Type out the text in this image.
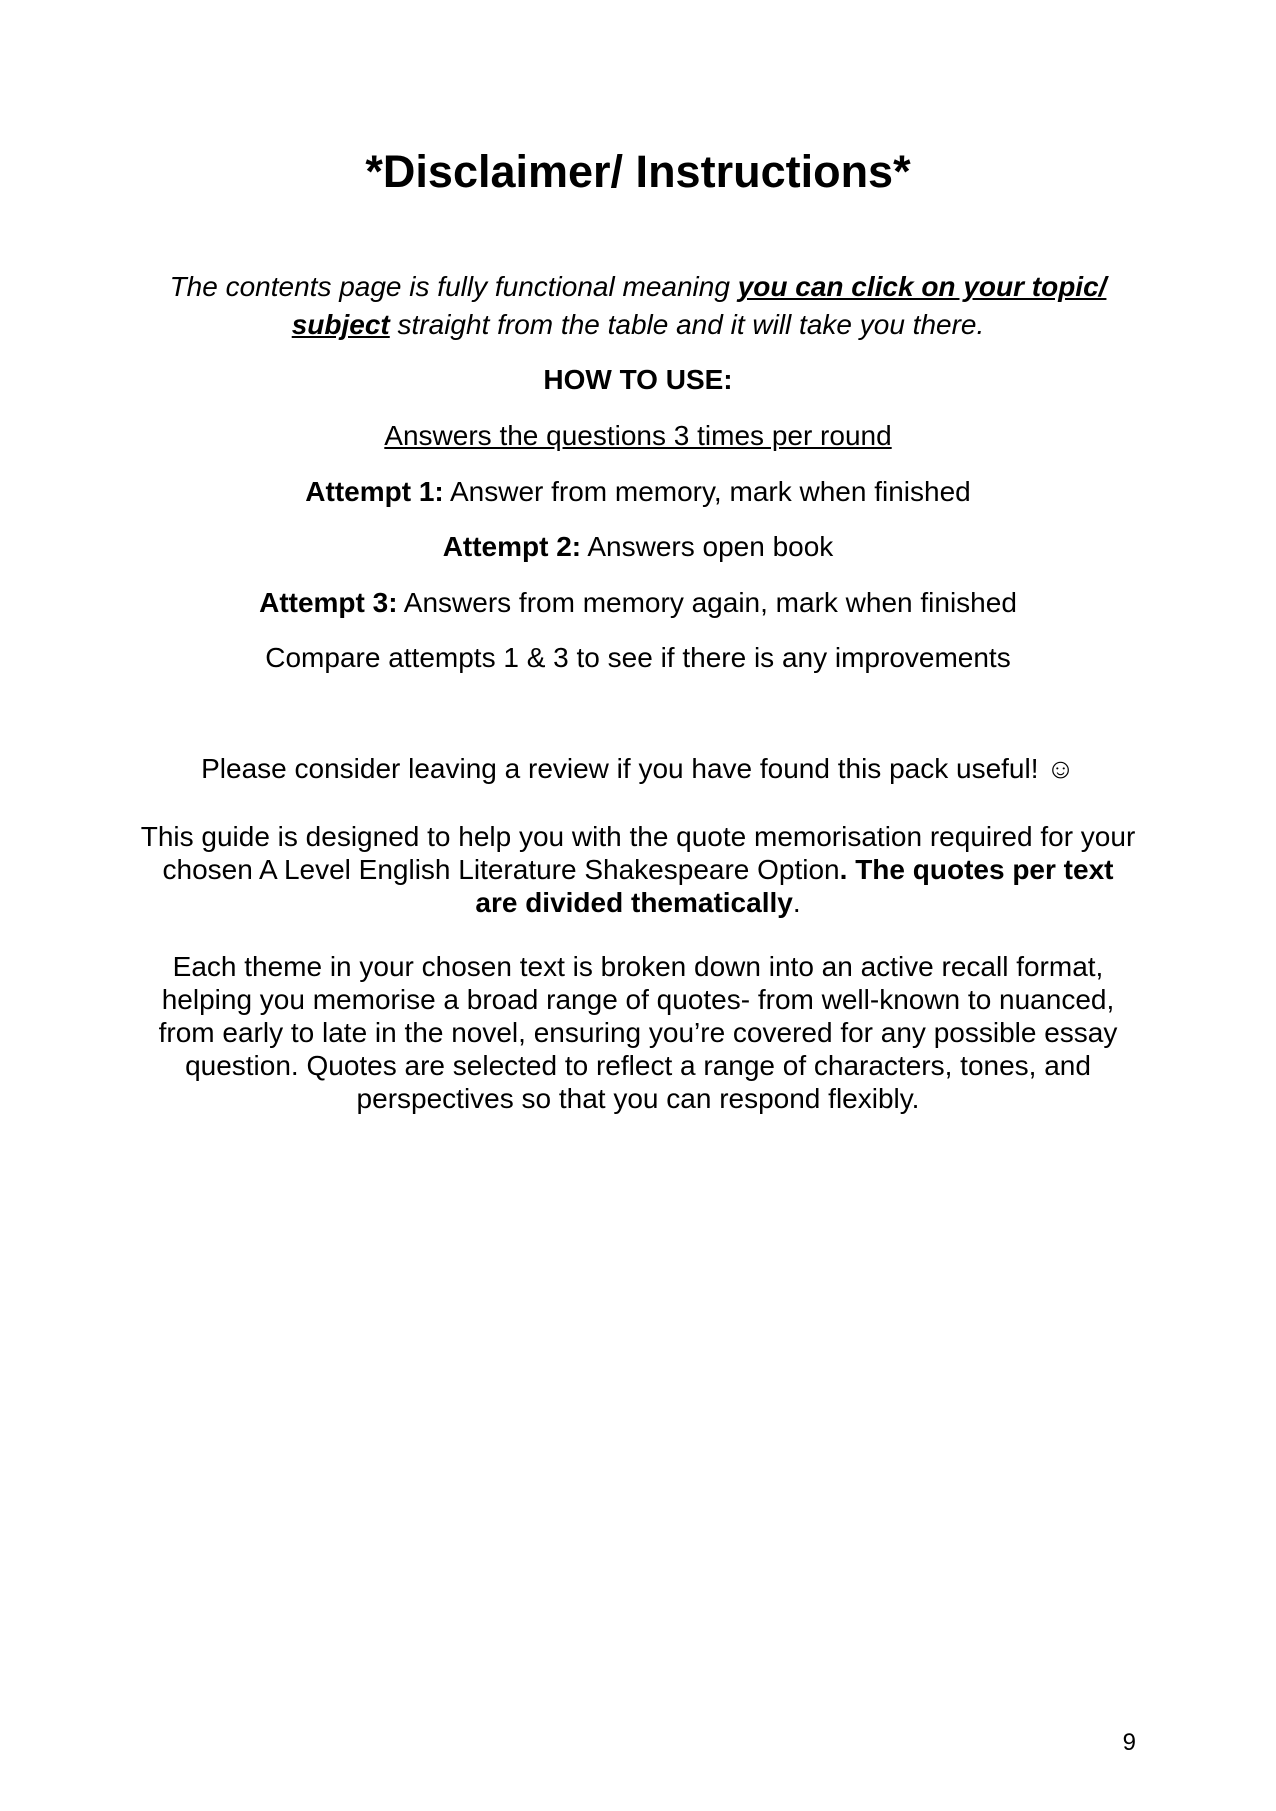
*Disclaimer/ Instructions*

The contents page is fully functional meaning you can click on your topic/ subject straight from the table and it will take you there.

HOW TO USE:

Answers the questions 3 times per round

Attempt 1: Answer from memory, mark when finished

Attempt 2: Answers open book

Attempt 3: Answers from memory again, mark when finished

Compare attempts 1 & 3 to see if there is any improvements

Please consider leaving a review if you have found this pack useful! ☺

This guide is designed to help you with the quote memorisation required for your chosen A Level English Literature Shakespeare Option. The quotes per text are divided thematically.

Each theme in your chosen text is broken down into an active recall format, helping you memorise a broad range of quotes- from well-known to nuanced, from early to late in the novel, ensuring you’re covered for any possible essay question. Quotes are selected to reflect a range of characters, tones, and perspectives so that you can respond flexibly.

9
